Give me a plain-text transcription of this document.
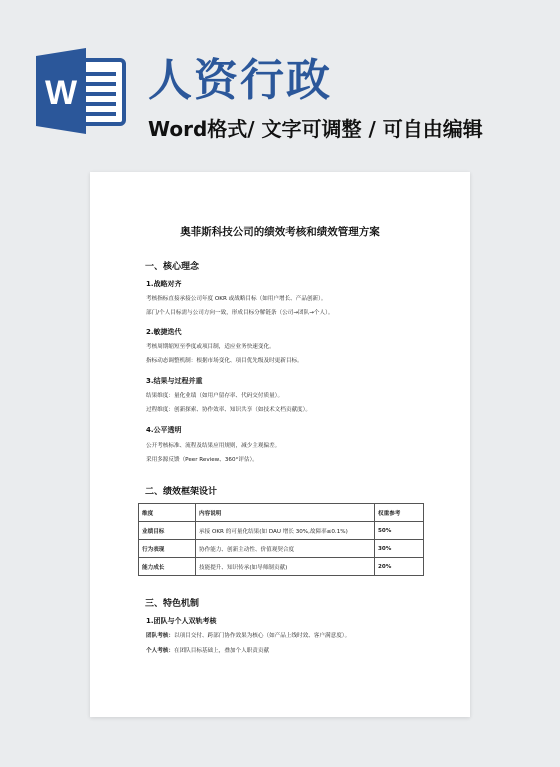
W 人资行政
Word格式/ 文字可调整 / 可自由编辑
奥菲斯科技公司的绩效考核和绩效管理方案
一、核心理念
1.战略对齐
考核指标直接承接公司年度 OKR 或战略目标（如用户增长、产品创新）。
部门/个人目标需与公司方向一致，形成目标分解链条（公司→团队→个人）。
2.敏捷迭代
考核周期缩短至季度或项目制，适应业务快速变化。
指标动态调整机制：根据市场变化、项目优先级及时更新目标。
3.结果与过程并重
结果维度：量化业绩（如用户留存率、代码交付质量）。
过程维度：创新探索、协作效率、知识共享（如技术文档贡献度）。
4.公平透明
公开考核标准、流程及结果应用规则，减少主观偏差。
采用多源反馈（Peer Review、360°评估）。
二、绩效框架设计
维度	内容说明	权重参考
业绩目标	承接 OKR 的可量化结果(如 DAU 增长 30%,故障率≤0.1%)	50%
行为表现	协作能力、创新主动性、价值观契合度	30%
能力成长	技能提升、知识传承(如导师制贡献)	20%
三、特色机制
1.团队与个人双轨考核
团队考核：以项目交付、跨部门协作效果为核心（如产品上线时效、客户满意度）。
个人考核：在团队目标基础上，叠加个人职责贡献
